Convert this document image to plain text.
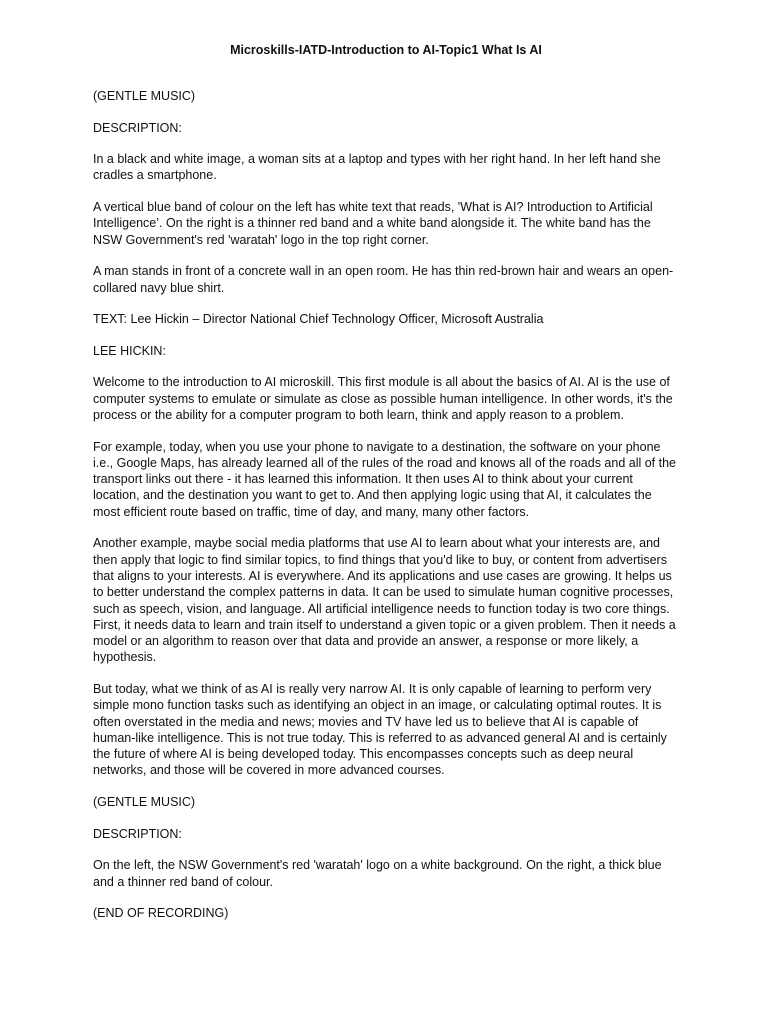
Microskills-IATD-Introduction to AI-Topic1 What Is AI

(GENTLE MUSIC)

DESCRIPTION:

In a black and white image, a woman sits at a laptop and types with her right hand. In her left hand she cradles a smartphone.

A vertical blue band of colour on the left has white text that reads, 'What is AI? Introduction to Artificial Intelligence’. On the right is a thinner red band and a white band alongside it. The white band has the NSW Government's red 'waratah' logo in the top right corner.

A man stands in front of a concrete wall in an open room. He has thin red-brown hair and wears an open-collared navy blue shirt.

TEXT: Lee Hickin – Director National Chief Technology Officer, Microsoft Australia

LEE HICKIN:

Welcome to the introduction to AI microskill. This first module is all about the basics of AI. AI is the use of computer systems to emulate or simulate as close as possible human intelligence. In other words, it's the process or the ability for a computer program to both learn, think and apply reason to a problem.

For example, today, when you use your phone to navigate to a destination, the software on your phone i.e., Google Maps, has already learned all of the rules of the road and knows all of the roads and all of the transport links out there - it has learned this information. It then uses AI to think about your current location, and the destination you want to get to. And then applying logic using that AI, it calculates the most efficient route based on traffic, time of day, and many, many other factors.

Another example, maybe social media platforms that use AI to learn about what your interests are, and then apply that logic to find similar topics, to find things that you'd like to buy, or content from advertisers that aligns to your interests. AI is everywhere. And its applications and use cases are growing. It helps us to better understand the complex patterns in data. It can be used to simulate human cognitive processes, such as speech, vision, and language. All artificial intelligence needs to function today is two core things. First, it needs data to learn and train itself to understand a given topic or a given problem. Then it needs a model or an algorithm to reason over that data and provide an answer, a response or more likely, a hypothesis.

But today, what we think of as AI is really very narrow AI. It is only capable of learning to perform very simple mono function tasks such as identifying an object in an image, or calculating optimal routes. It is often overstated in the media and news; movies and TV have led us to believe that AI is capable of human-like intelligence. This is not true today. This is referred to as advanced general AI and is certainly the future of where AI is being developed today. This encompasses concepts such as deep neural networks, and those will be covered in more advanced courses.

(GENTLE MUSIC)

DESCRIPTION:

On the left, the NSW Government's red 'waratah' logo on a white background. On the right, a thick blue and a thinner red band of colour.

(END OF RECORDING)
